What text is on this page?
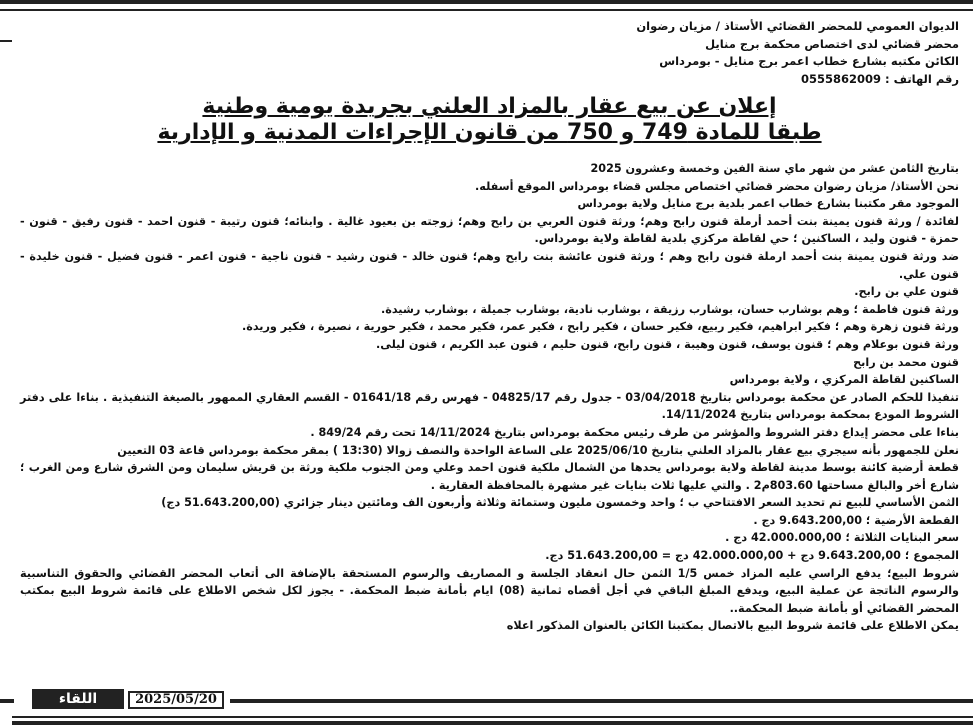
الديوان العمومي للمحضر القضائي الأستاذ / مزيان رضوان
محضر قضائي لدى اختصاص محكمة برج منايل
الكائن مكتبه بشارع خطاب اعمر برج منايل - بومرداس
رقم الهاتف : 0555862009
إعلان عن بيع عقار بالمزاد العلني بجريدة يومية وطنية
طبقا للمادة 749 و 750 من قانون الإجراءات المدنية و الإدارية

بتاريخ الثامن عشر من شهر ماي سنة الفين وخمسة وعشرون 2025

نحن الأستاذ/ مزيان رضوان محضر قضائي اختصاص مجلس قضاء بومرداس الموقع أسفله.

الموجود مقر مكتبنا بشارع خطاب اعمر بلدية برج منايل ولاية بومرداس

لفائدة / ورثة قنون يمينة بنت أحمد أرملة قنون رابح وهم؛ ورثة قنون العربي بن رابح وهم؛ زوجته بن بعيود غالية . وابنائه؛ قنون رتيبة - قنون احمد - قنون رفيق - قنون - حمزة - قنون وليد ، الساكنين ؛ حي لقاطة مركزي بلدية لقاطة ولاية بومرداس.

ضد ورثة قنون يمينة بنت أحمد ارملة قنون رابح وهم ؛ ورثة قنون عائشة بنت رابح وهم؛ قنون خالد - قنون رشيد - قنون ناجية - قنون اعمر - قنون فضيل - قنون خليدة - قنون علي.

قنون علي بن رابح.

ورثة قنون فاطمة ؛ وهم بوشارب حسان، بوشارب رزيقة ، بوشارب نادية، بوشارب جميلة ، بوشارب رشيدة.

ورثة قنون زهرة وهم ؛ فكير ابراهيم، فكير ربيع، فكير حسان ، فكير رابح ، فكير عمر، فكير محمد ، فكير حورية ، نصيرة ، فكير وريدة.

ورثة قنون بوعلام وهم ؛ قنون يوسف، قنون وهيبة ، قنون رابح، قنون حليم ، قنون عبد الكريم ، قنون ليلى.

قنون محمد بن رابح

الساكنين لقاطة المركزي ، ولاية بومرداس

تنفيذا للحكم الصادر عن محكمة بومرداس بتاريخ 03/04/2018 - جدول رقم 04825/17 - فهرس رقم 01641/18 - القسم العقاري الممهور بالصيغة التنفيذية . بناءا على دفتر الشروط المودع بمحكمة بومرداس بتاريخ 14/11/2024.

بناءا على محضر إيداع دفتر الشروط والمؤشر من طرف رئيس محكمة بومرداس بتاريخ 14/11/2024 تحت رقم 849/24 .

نعلن للجمهور بأنه سيجري بيع عقار بالمزاد العلني بتاريخ 2025/06/10 على الساعة الواحدة والنصف زوالا (13:30 ) بمقر محكمة بومرداس قاعة 03 التعيين

قطعة أرضية كائنة بوسط مدينة لقاطة ولاية بومرداس يحدها من الشمال ملكية قنون احمد وعلي ومن الجنوب ملكية ورثة بن قريش سليمان ومن الشرق شارع ومن الغرب ؛ شارع أخر والبالغ مساحتها 803.60م2 . والتي عليها ثلاث بنايات غير مشهرة بالمحافظة العقارية .

الثمن الأساسي للبيع تم تحديد السعر الافتتاحي ب ؛ واحد وخمسون مليون وستمائة وثلاثة وأربعون الف ومائتين دينار جزائري (51.643.200,00 دج)

القطعة الأرضية ؛ 9.643.200,00 دج .

سعر البنايات الثلاثة ؛ 42.000.000,00 دج .

المجموع ؛ 9.643.200,00 دج + 42.000.000,00 دج = 51.643.200,00 دج.

شروط البيع؛ يدفع الراسي عليه المزاد خمس 1/5 الثمن حال انعقاد الجلسة و المصاريف والرسوم المستحقة بالإضافة الى أتعاب المحضر القضائي والحقوق التناسبية والرسوم الناتجة عن عملية البيع، ويدفع المبلغ الباقي في أجل أقصاه ثمانية (08) ايام بأمانة ضبط المحكمة. - يجوز لكل شخص الاطلاع على قائمة شروط البيع بمكتب المحضر القضائي أو بأمانة ضبط المحكمة..

يمكن الاطلاع على قائمة شروط البيع بالاتصال بمكتبنا الكائن بالعنوان المذكور اعلاه

2025/05/20
اللقاء
